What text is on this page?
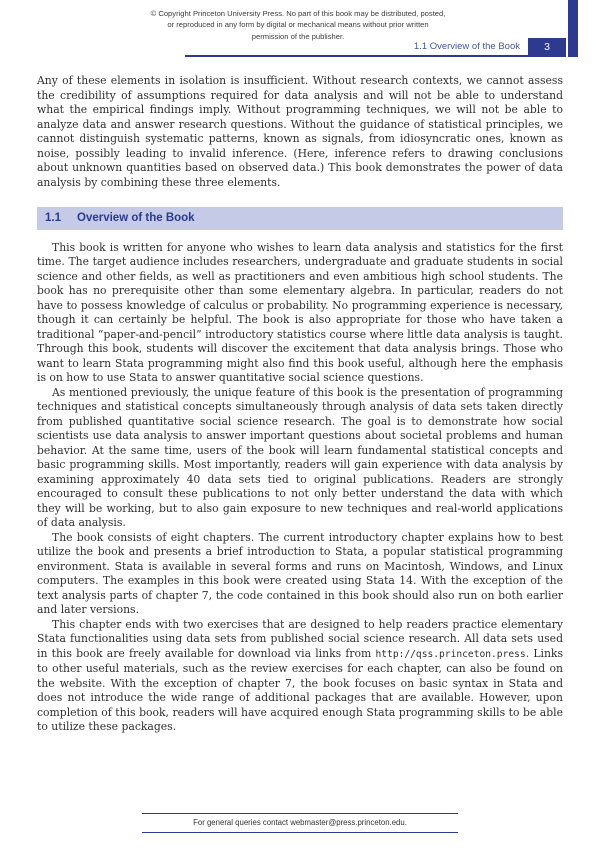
© Copyright Princeton University Press. No part of this book may be distributed, posted, or reproduced in any form by digital or mechanical means without prior written permission of the publisher.
1.1 Overview of the Book	3

Any of these elements in isolation is insufficient. Without research contexts, we cannot assess the credibility of assumptions required for data analysis and will not be able to understand what the empirical findings imply. Without programming techniques, we will not be able to analyze data and answer research questions. Without the guidance of statistical principles, we cannot distinguish systematic patterns, known as signals, from idiosyncratic ones, known as noise, possibly leading to invalid inference. (Here, inference refers to drawing conclusions about unknown quantities based on observed data.) This book demonstrates the power of data analysis by combining these three elements.

1.1 Overview of the Book

This book is written for anyone who wishes to learn data analysis and statistics for the first time. The target audience includes researchers, undergraduate and graduate students in social science and other fields, as well as practitioners and even ambitious high school students. The book has no prerequisite other than some elementary algebra. In particular, readers do not have to possess knowledge of calculus or probability. No programming experience is necessary, though it can certainly be helpful. The book is also appropriate for those who have taken a traditional “paper-and-pencil” introductory statistics course where little data analysis is taught. Through this book, students will discover the excitement that data analysis brings. Those who want to learn Stata programming might also find this book useful, although here the emphasis is on how to use Stata to answer quantitative social science questions.

As mentioned previously, the unique feature of this book is the presentation of programming techniques and statistical concepts simultaneously through analysis of data sets taken directly from published quantitative social science research. The goal is to demonstrate how social scientists use data analysis to answer important questions about societal problems and human behavior. At the same time, users of the book will learn fundamental statistical concepts and basic programming skills. Most importantly, readers will gain experience with data analysis by examining approximately 40 data sets tied to original publications. Readers are strongly encouraged to consult these publications to not only better understand the data with which they will be working, but to also gain exposure to new techniques and real-world applications of data analysis.

The book consists of eight chapters. The current introductory chapter explains how to best utilize the book and presents a brief introduction to Stata, a popular statistical programming environment. Stata is available in several forms and runs on Macintosh, Windows, and Linux computers. The examples in this book were created using Stata 14. With the exception of the text analysis parts of chapter 7, the code contained in this book should also run on both earlier and later versions.

This chapter ends with two exercises that are designed to help readers practice elementary Stata functionalities using data sets from published social science research. All data sets used in this book are freely available for download via links from http://qss.princeton.press. Links to other useful materials, such as the review exercises for each chapter, can also be found on the website. With the exception of chapter 7, the book focuses on basic syntax in Stata and does not introduce the wide range of additional packages that are available. However, upon completion of this book, readers will have acquired enough Stata programming skills to be able to utilize these packages.

For general queries contact webmaster@press.princeton.edu.
